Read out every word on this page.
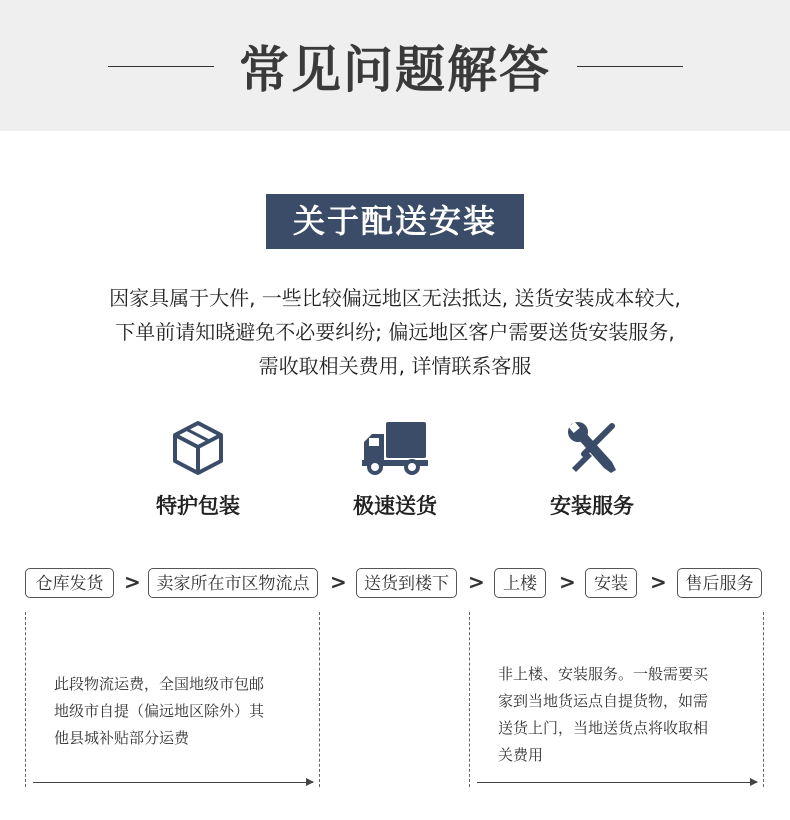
常见问题解答
关于配送安装
因家具属于大件, 一些比较偏远地区无法抵达, 送货安装成本较大,
下单前请知晓避免不必要纠纷; 偏远地区客户需要送货安装服务,
需收取相关费用, 详情联系客服
特护包装	极速送货	安装服务
仓库发货	> 卖家所在市区物流点	>	送货到楼下 >	上楼	>	安装	>	售后服务
此段物流运费，全国地级市包邮
地级市自提（偏远地区除外）其
他县城补贴部分运费
非上楼、安装服务。一般需要买
家到当地货运点自提货物，如需
送货上门，当地送货点将收取相
关费用
